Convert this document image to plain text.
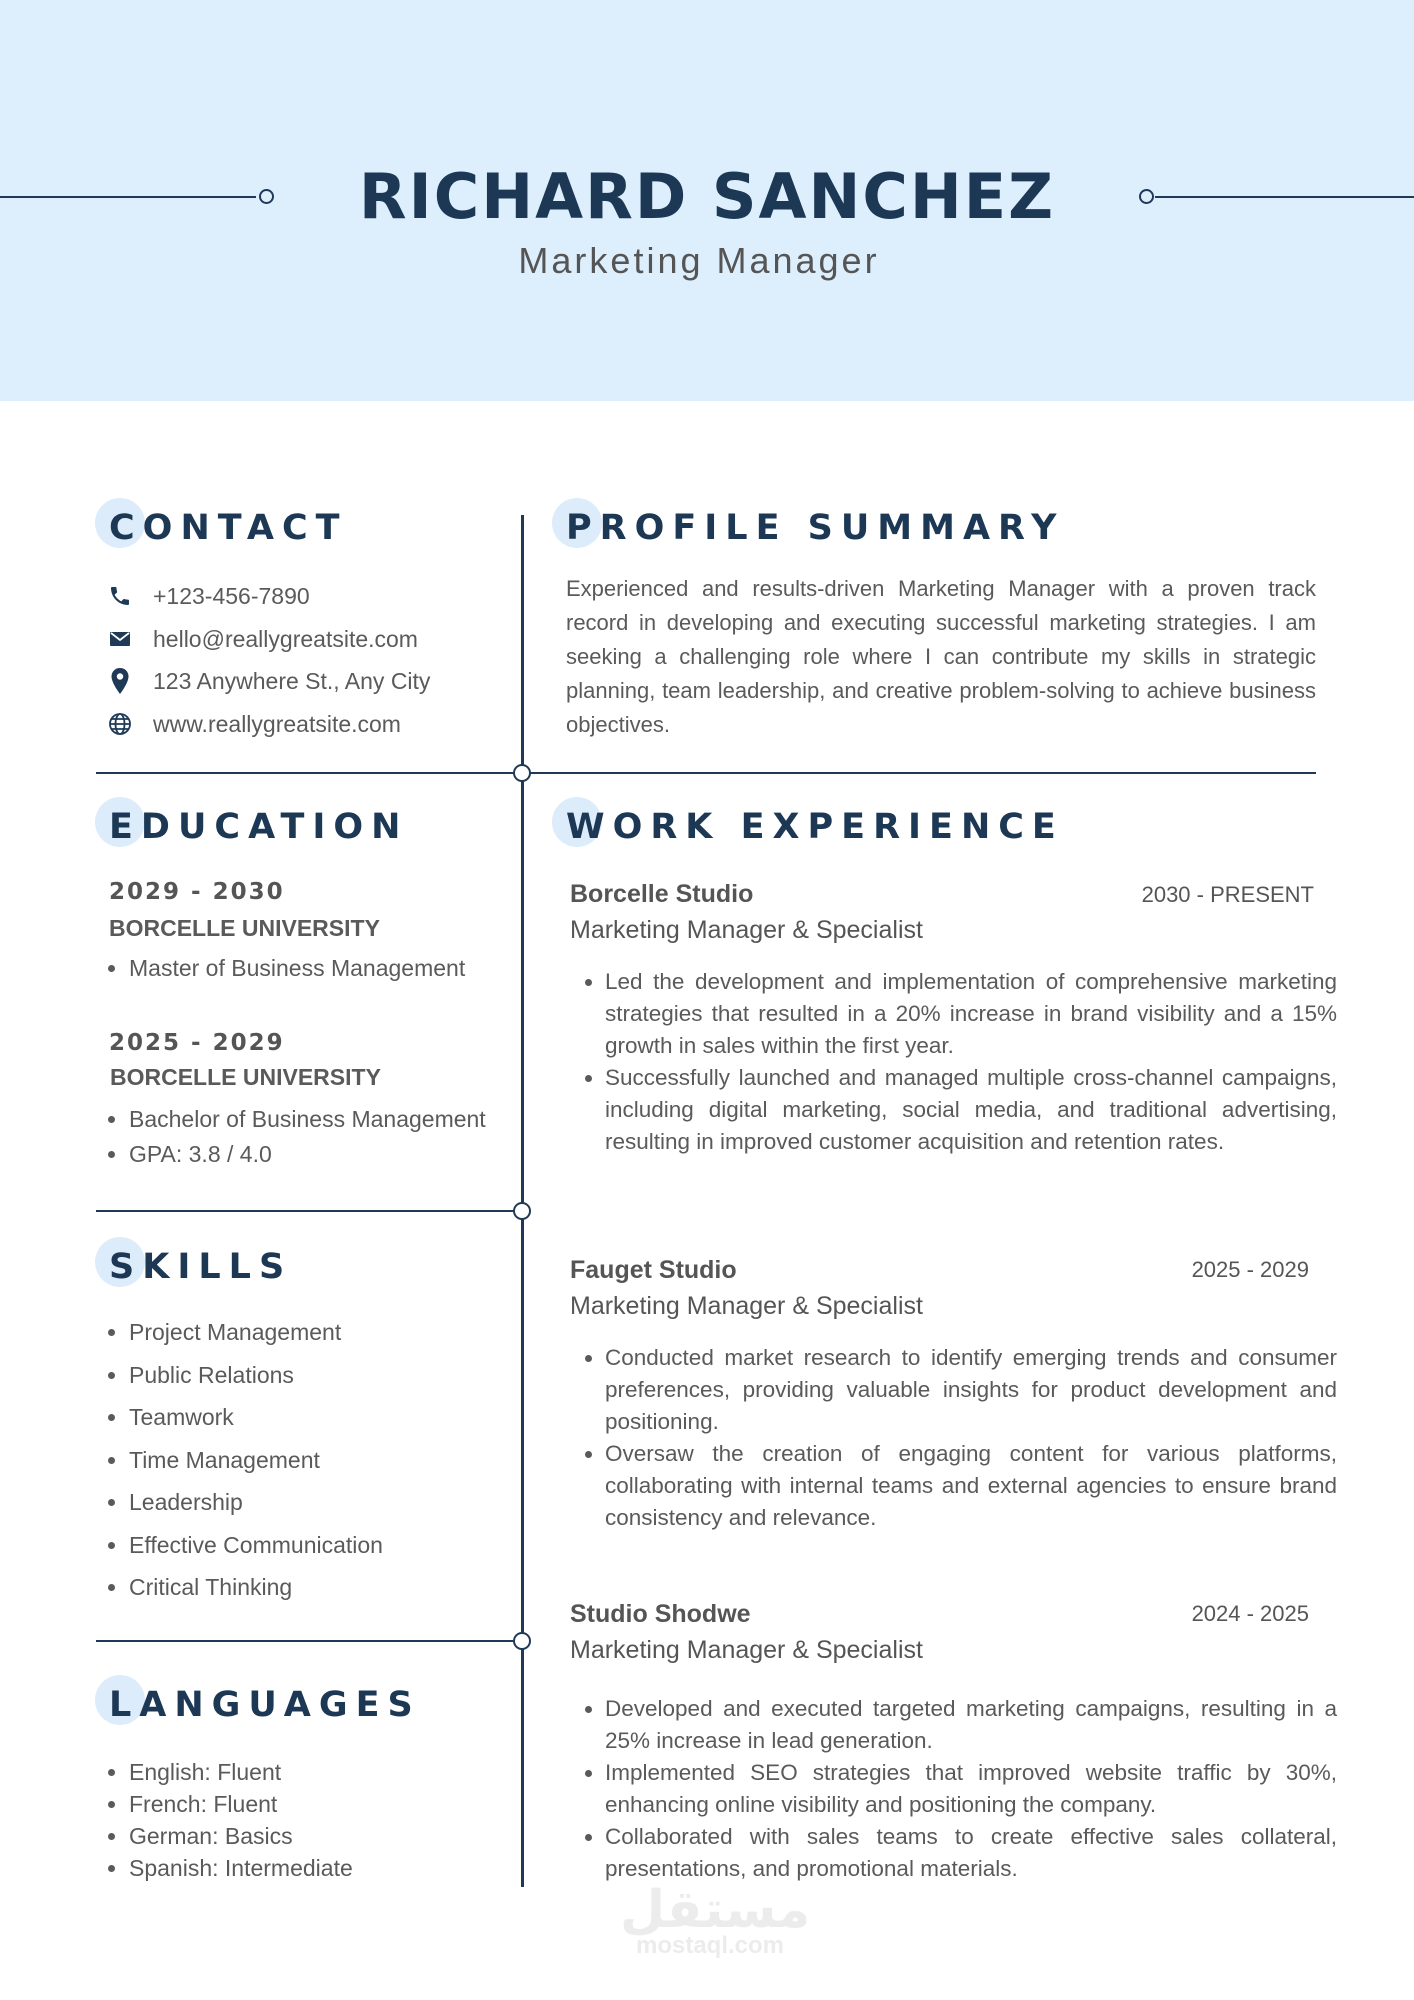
RICHARD SANCHEZ
Marketing Manager
CONTACT
+123-456-7890
hello@reallygreatsite.com
123 Anywhere St., Any City
www.reallygreatsite.com
PROFILE SUMMARY
Experienced and results-driven Marketing Manager with a proven track record in developing and executing successful marketing strategies. I am seeking a challenging role where I can contribute my skills in strategic planning, team leadership, and creative problem-solving to achieve business objectives.
EDUCATION
2029 - 2030
BORCELLE UNIVERSITY
• Master of Business Management
2025 - 2029
BORCELLE UNIVERSITY
• Bachelor of Business Management
• GPA: 3.8 / 4.0
SKILLS
• Project Management
• Public Relations
• Teamwork
• Time Management
• Leadership
• Effective Communication
• Critical Thinking
LANGUAGES
• English: Fluent
• French: Fluent
• German: Basics
• Spanish: Intermediate
WORK EXPERIENCE
Borcelle Studio	2030 - PRESENT
Marketing Manager & Specialist
• Led the development and implementation of comprehensive marketing strategies that resulted in a 20% increase in brand visibility and a 15% growth in sales within the first year.
• Successfully launched and managed multiple cross-channel campaigns, including digital marketing, social media, and traditional advertising, resulting in improved customer acquisition and retention rates.
Fauget Studio	2025 - 2029
Marketing Manager & Specialist
• Conducted market research to identify emerging trends and consumer preferences, providing valuable insights for product development and positioning.
• Oversaw the creation of engaging content for various platforms, collaborating with internal teams and external agencies to ensure brand consistency and relevance.
Studio Shodwe	2024 - 2025
Marketing Manager & Specialist
• Developed and executed targeted marketing campaigns, resulting in a 25% increase in lead generation.
• Implemented SEO strategies that improved website traffic by 30%, enhancing online visibility and positioning the company.
• Collaborated with sales teams to create effective sales collateral, presentations, and promotional materials.
مستقل
mostaql.com
